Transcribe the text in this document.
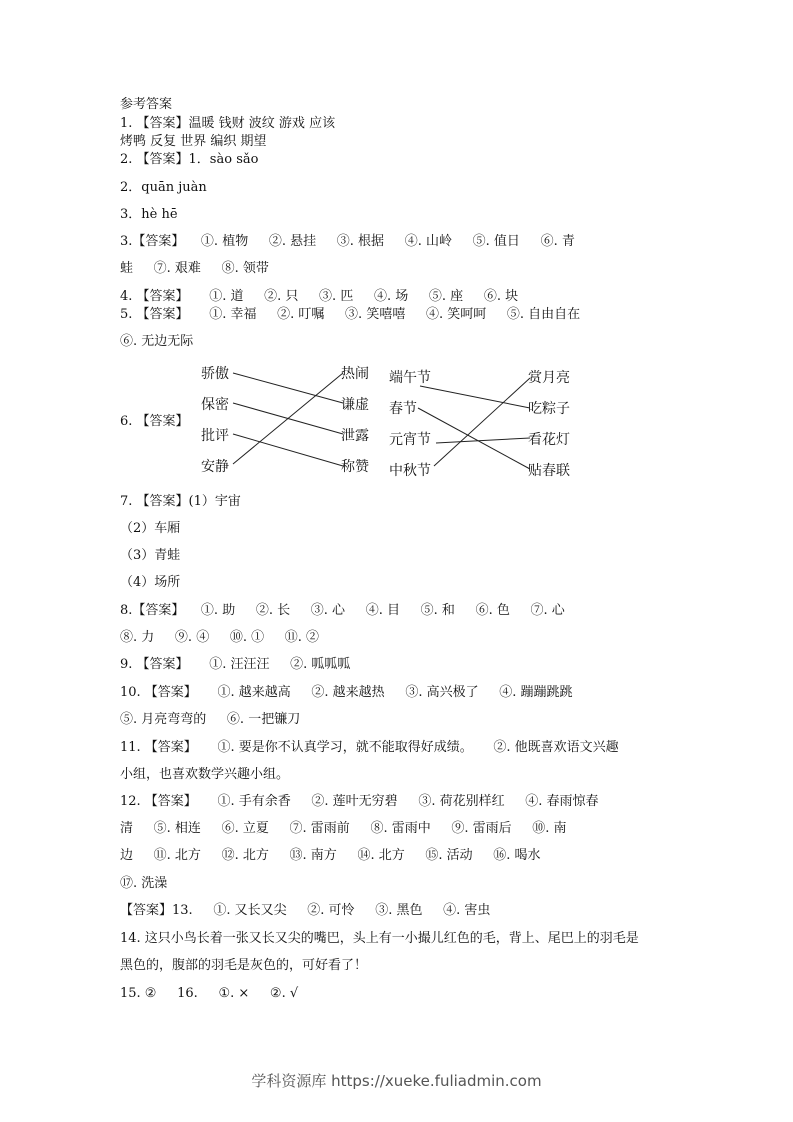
参考答案
1. 【答案】温暖 钱财 波纹 游戏 应该
烤鸭 反复 世界 编织 期望
2. 【答案】1．sào sǎo
2．quān juàn
3．hè hē
3.【答案】    ①. 植物     ②. 悬挂     ③. 根据     ④. 山岭     ⑤. 值日     ⑥. 青
蛙     ⑦. 艰难     ⑧. 领带
4. 【答案】     ①. 道     ②. 只     ③. 匹     ④. 场     ⑤. 座     ⑥. 块
5. 【答案】     ①. 幸福     ②. 叮嘱     ③. 笑嘻嘻     ④. 笑呵呵     ⑤. 自由自在
⑥. 无边无际
6. 【答案】
7. 【答案】(1）宇宙
（2）车厢
（3）青蛙
（4）场所
8.【答案】    ①. 助     ②. 长     ③. 心     ④. 目     ⑤. 和     ⑥. 色     ⑦. 心
⑧. 力     ⑨. ④     ⑩. ①     ⑪. ②
9. 【答案】     ①. 汪汪汪     ②. 呱呱呱
10. 【答案】     ①. 越来越高     ②. 越来越热     ③. 高兴极了     ④. 蹦蹦跳跳
⑤. 月亮弯弯的     ⑥. 一把镰刀
11. 【答案】     ①. 要是你不认真学习，就不能取得好成绩。     ②. 他既喜欢语文兴趣
小组，也喜欢数学兴趣小组。
12. 【答案】     ①. 手有余香     ②. 莲叶无穷碧     ③. 荷花别样红     ④. 春雨惊春
清     ⑤. 相连     ⑥. 立夏     ⑦. 雷雨前     ⑧. 雷雨中     ⑨. 雷雨后     ⑩. 南
边     ⑪. 北方     ⑫. 北方     ⑬. 南方     ⑭. 北方     ⑮. 活动     ⑯. 喝水
⑰. 洗澡
【答案】13.     ①. 又长又尖     ②. 可怜     ③. 黑色     ④. 害虫
14. 这只小鸟长着一张又长又尖的嘴巴，头上有一小撮儿红色的毛，背上、尾巴上的羽毛是
黑色的，腹部的羽毛是灰色的，可好看了！
15. ②     16.     ①. ×     ②. √
骄傲
保密
批评
安静
热闹
谦虚
泄露
称赞
端午节
春节
元宵节
中秋节
赏月亮
吃粽子
看花灯
贴春联
学科资源库 https://xueke.fuliadmin.com
